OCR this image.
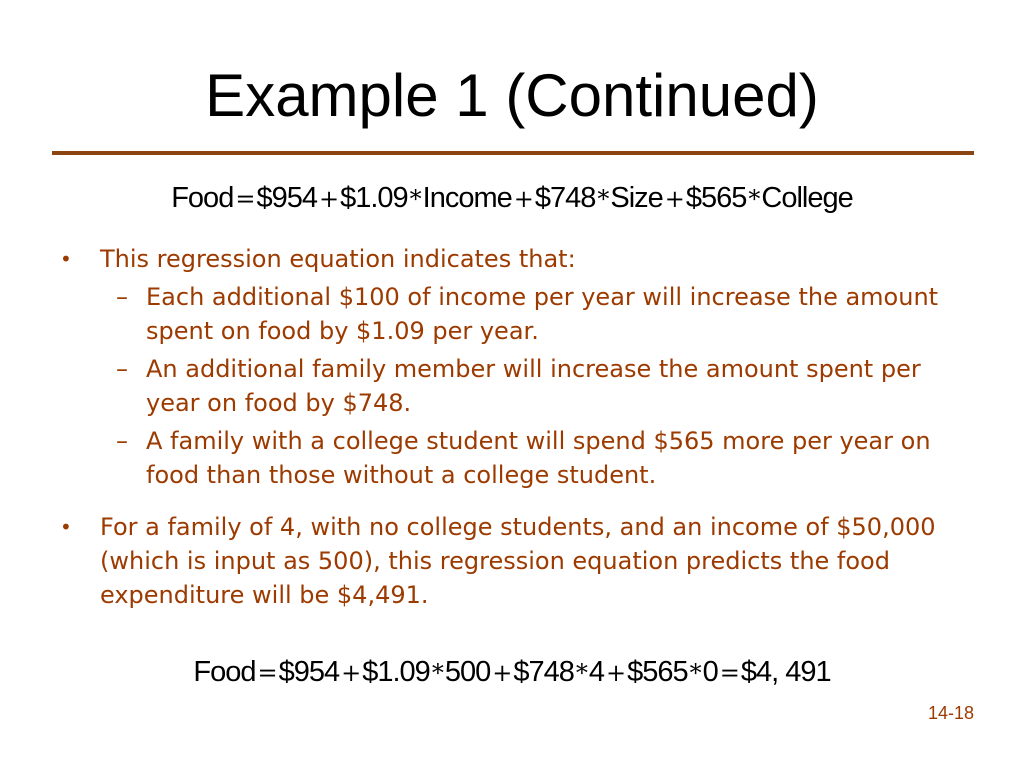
Example 1 (Continued)
Food=$954+$1.09*Income+$748*Size+$565*College
• This regression equation indicates that:
– Each additional $100 of income per year will increase the amount spent on food by $1.09 per year.
– An additional family member will increase the amount spent per year on food by $748.
– A family with a college student will spend $565 more per year on food than those without a college student.
• For a family of 4, with no college students, and an income of $50,000 (which is input as 500), this regression equation predicts the food expenditure will be $4,491.
Food=$954+$1.09*500+$748*4+$565*0=$4, 491
14-18
